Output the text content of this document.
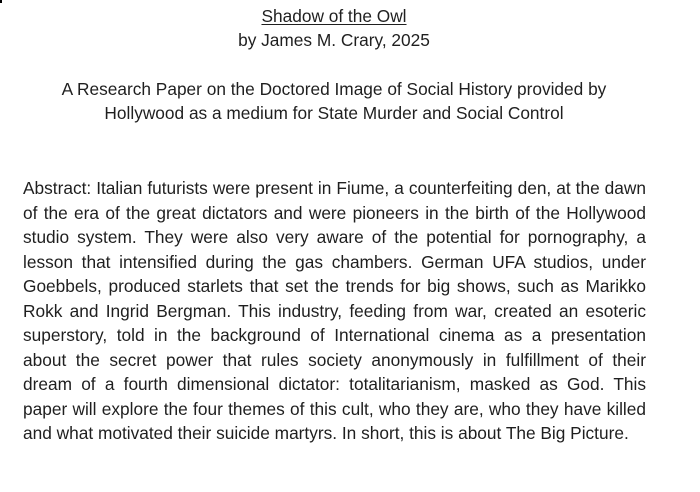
Shadow of the Owl
by James M. Crary, 2025
A Research Paper on the Doctored Image of Social History provided by
Hollywood as a medium for State Murder and Social Control
Abstract: Italian futurists were present in Fiume, a counterfeiting den, at the dawn of the era of the great dictators and were pioneers in the birth of the Hollywood studio system. They were also very aware of the potential for pornography, a lesson that intensified during the gas chambers. German UFA studios, under Goebbels, produced starlets that set the trends for big shows, such as Marikko Rokk and Ingrid Bergman. This industry, feeding from war, created an esoteric superstory, told in the background of International cinema as a presentation about the secret power that rules society anonymously in fulfillment of their dream of a fourth dimensional dictator: totalitarianism, masked as God. This paper will explore the four themes of this cult, who they are, who they have killed and what motivated their suicide martyrs. In short, this is about The Big Picture.
